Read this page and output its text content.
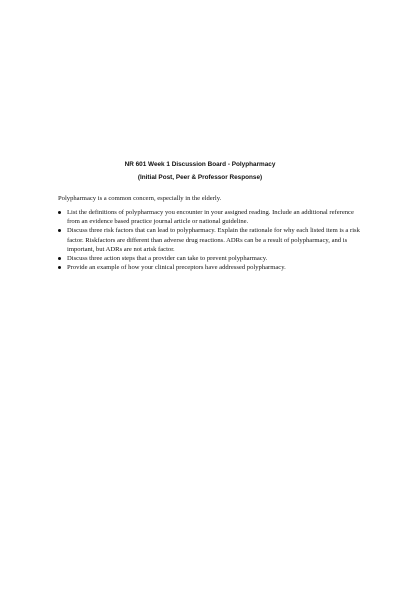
NR 601 Week 1 Discussion Board - Polypharmacy
(Initial Post, Peer & Professor Response)

Polypharmacy is a common concern, especially in the elderly.

List the definitions of polypharmacy you encounter in your assigned reading. Include an additional reference from an evidence based practice journal article or national guideline.
Discuss three risk factors that can lead to polypharmacy. Explain the rationale for why each listed item is a risk factor. Riskfactors are different than adverse drug reactions. ADRs can be a result of polypharmacy, and is important, but ADRs are not arisk factor.
Discuss three action steps that a provider can take to prevent polypharmacy.
Provide an example of how your clinical preceptors have addressed polypharmacy.
